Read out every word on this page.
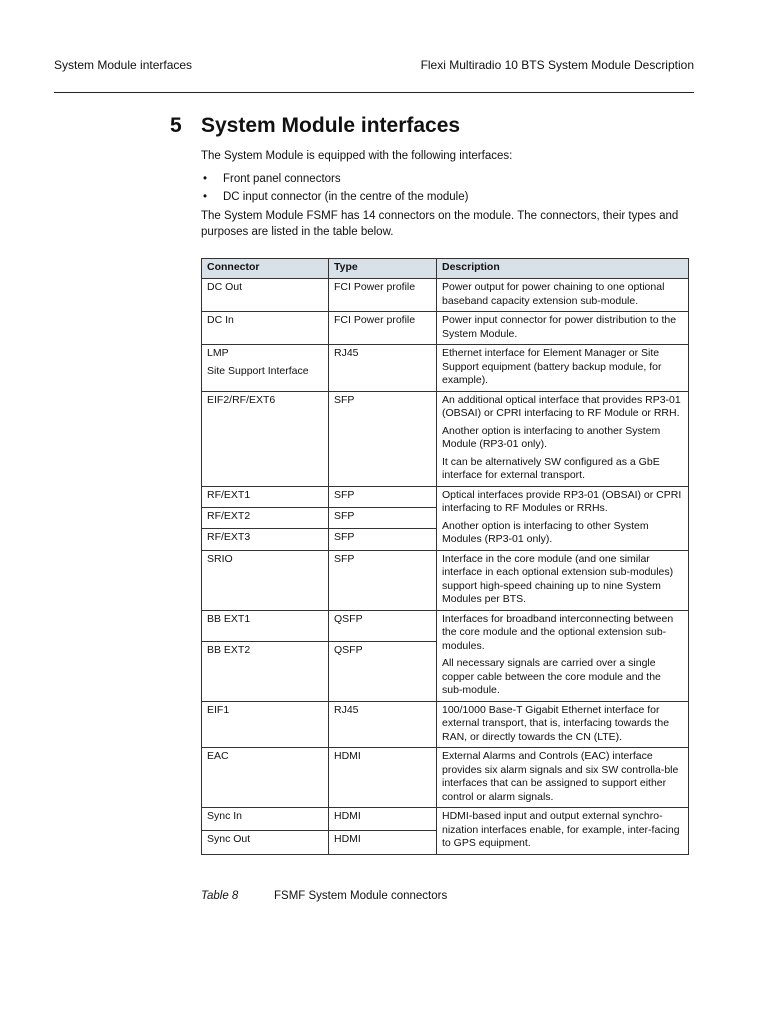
System Module interfaces	Flexi Multiradio 10 BTS System Module Description
5 System Module interfaces
The System Module is equipped with the following interfaces:
• Front panel connectors
• DC input connector (in the centre of the module)
The System Module FSMF has 14 connectors on the module. The connectors, their types and purposes are listed in the table below.
Connector	Type	Description
DC Out	FCI Power profile	Power output for power chaining to one optional baseband capacity extension sub-module.
DC In	FCI Power profile	Power input connector for power distribution to the System Module.

LMP

Site Support Interface	RJ45	Ethernet interface for Element Manager or Site Support equipment (battery backup module, for example).
EIF2/RF/EXT6	SFP	An additional optical interface that provides RP3-01 (OBSAI) or CPRI interfacing to RF Module or RRH.

Another option is interfacing to another System Module (RP3-01 only).

It can be alternatively SW configured as a GbE interface for external transport.

RF/EXT1	SFP	Optical interfaces provide RP3-01 (OBSAI) or CPRI interfacing to RF Modules or RRHs.

Another option is interfacing to other System Modules (RP3-01 only).

RF/EXT2	SFP	
RF/EXT3	SFP	
SRIO	SFP	Interface in the core module (and one similar interface in each optional extension sub-modules) support high-speed chaining up to nine System Modules per BTS.
BB EXT1	QSFP	Interfaces for broadband interconnecting between the core module and the optional extension sub-modules.

All necessary signals are carried over a single copper cable between the core module and the sub-module.

BB EXT2	QSFP	
EIF1	RJ45	100/1000 Base-T Gigabit Ethernet interface for external transport, that is, interfacing towards the RAN, or directly towards the CN (LTE).
EAC	HDMI	External Alarms and Controls (EAC) interface provides six alarm signals and six SW controlla-ble interfaces that can be assigned to support either control or alarm signals.
Sync In	HDMI	HDMI-based input and output external synchro-nization interfaces enable, for example, inter-facing to GPS equipment.
Sync Out	HDMI	
Table 8	FSMF System Module connectors
